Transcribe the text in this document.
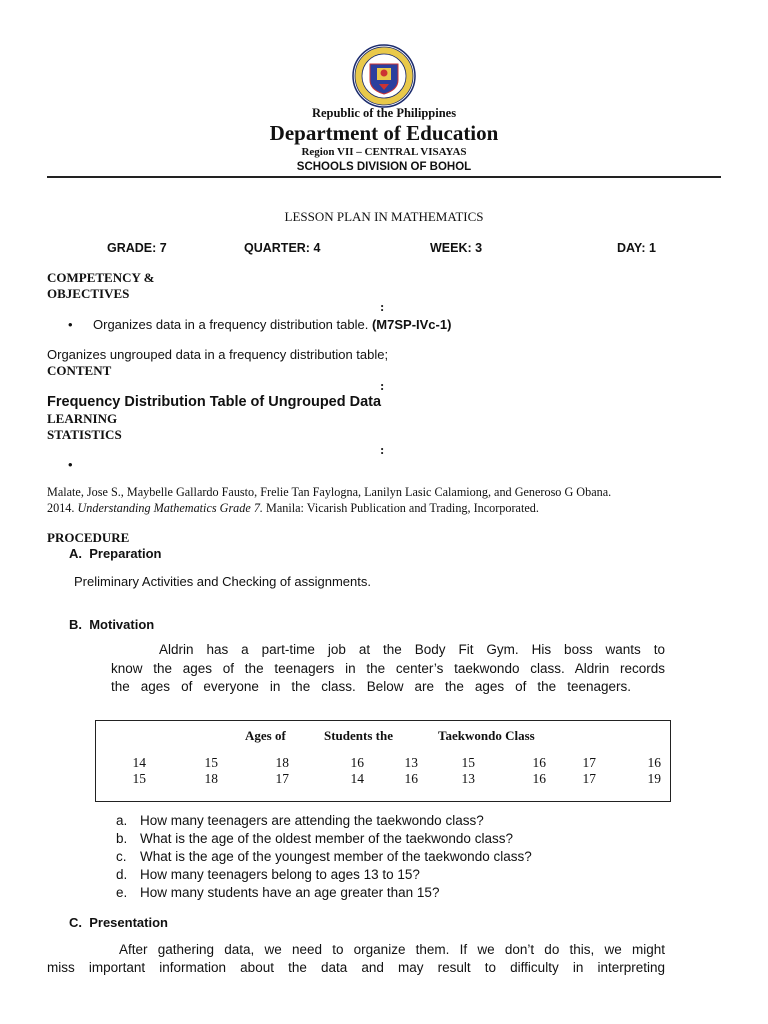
Republic of the Philippines
Department of Education
Region VII – CENTRAL VISAYAS
SCHOOLS DIVISION OF BOHOL
LESSON PLAN IN MATHEMATICS
GRADE: 7	QUARTER: 4	WEEK: 3	DAY: 1
COMPETENCY &
OBJECTIVES
:
• Organizes data in a frequency distribution table. (M7SP-IVc-1)
Organizes ungrouped data in a frequency distribution table;
CONTENT
:
Frequency Distribution Table of Ungrouped Data
LEARNING
STATISTICS
:
•
Malate, Jose S., Maybelle Gallardo Fausto, Frelie Tan Faylogna, Lanilyn Lasic Calamiong, and Generoso G Obana.
2014. Understanding Mathematics Grade 7. Manila: Vicarish Publication and Trading, Incorporated.
PROCEDURE
A.  Preparation
Preliminary Activities and Checking of assignments.
B.  Motivation
Aldrin has a part-time job at the Body Fit Gym. His boss wants to
know the ages of the teenagers in the center’s taekwondo class. Aldrin records
the ages of everyone in the class. Below are the ages of the teenagers.
Ages of	Students the	Taekwondo Class
14	15	18	16	13	15	16	17	16
15	18	17	14	16	13	16	17	19
a. How many teenagers are attending the taekwondo class?
b. What is the age of the oldest member of the taekwondo class?
c. What is the age of the youngest member of the taekwondo class?
d. How many teenagers belong to ages 13 to 15?
e. How many students have an age greater than 15?
C.  Presentation
After gathering data, we need to organize them. If we don’t do this, we might
miss important information about the data and may result to difficulty in interpreting
